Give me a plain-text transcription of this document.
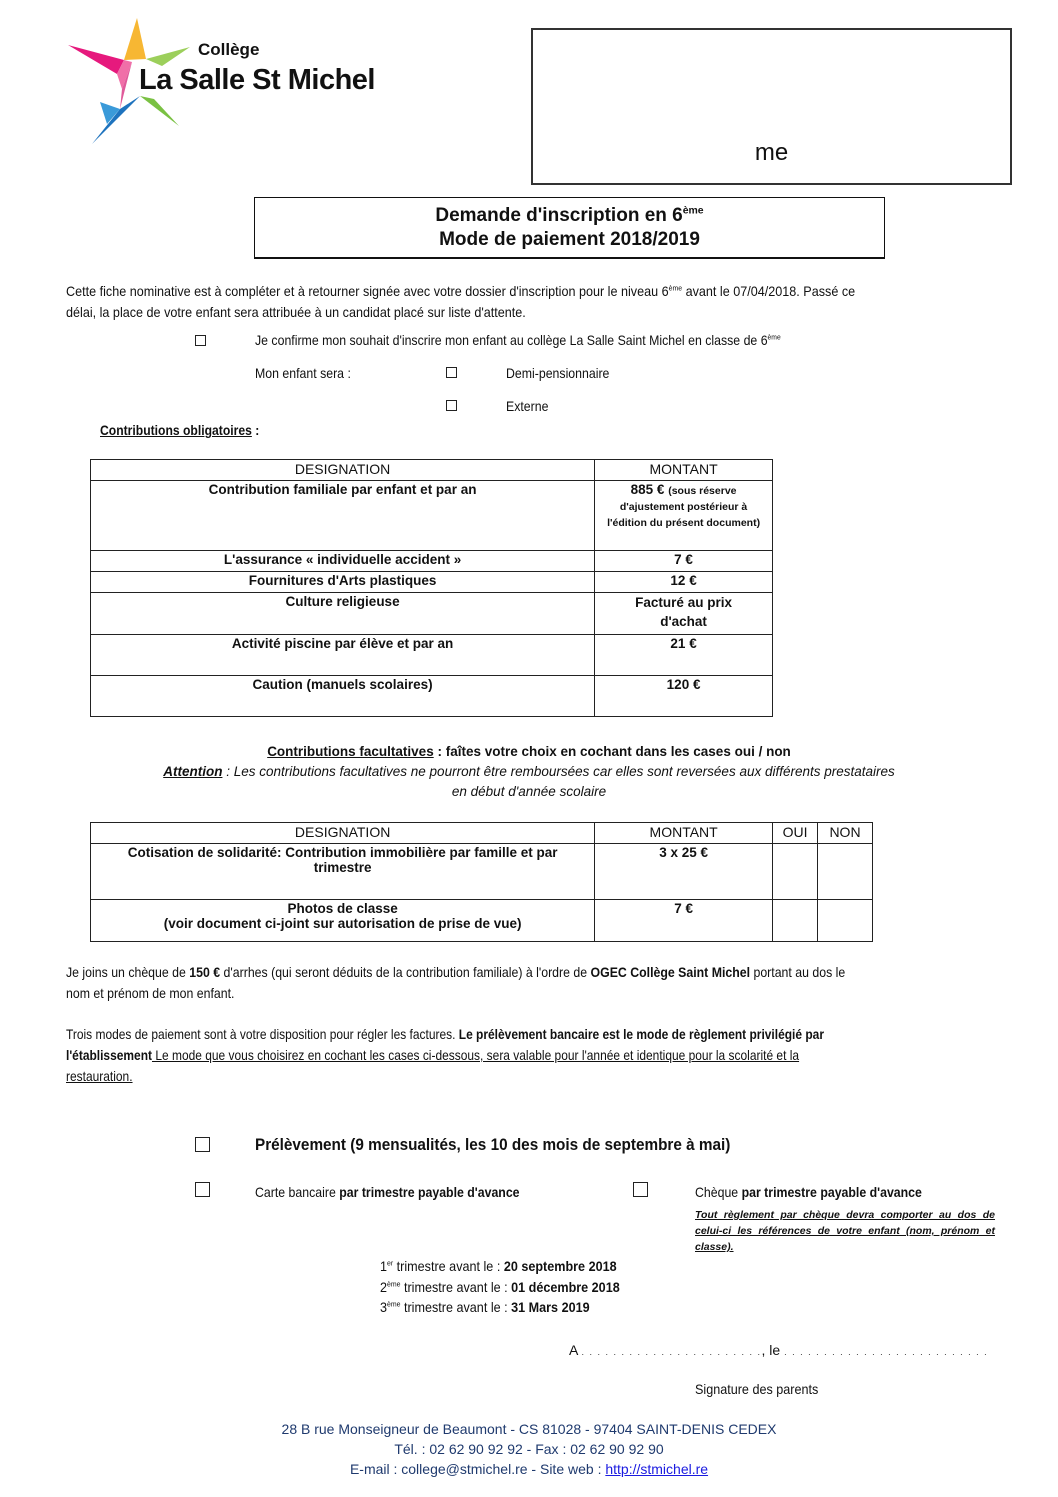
Collège
La Salle St Michel
me
Demande d'inscription en 6ème
Mode de paiement 2018/2019
Cette fiche nominative est à compléter et à retourner signée avec votre dossier d'inscription pour le niveau 6ème avant le 07/04/2018. Passé ce
délai, la place de votre enfant sera attribuée à un candidat placé sur liste d'attente.
Je confirme mon souhait d'inscrire mon enfant au collège La Salle Saint Michel en classe de 6ème
Mon enfant sera :	Demi-pensionnaire
Externe
Contributions obligatoires :
DESIGNATION	MONTANT
Contribution familiale par enfant et par an	885 € (sous réserve d'ajustement postérieur à l'édition du présent document)
L'assurance « individuelle accident »	7 €
Fournitures d'Arts plastiques	12 €
Culture religieuse	Facturé au prix d'achat
Activité piscine par élève et par an	21 €
Caution (manuels scolaires)	120 €
Contributions facultatives : faîtes votre choix en cochant dans les cases oui / non
Attention : Les contributions facultatives ne pourront être remboursées car elles sont reversées aux différents prestataires
en début d'année scolaire
DESIGNATION	MONTANT	OUI	NON
Cotisation de solidarité: Contribution immobilière par famille et par trimestre	3 x 25 €		

Photos de classe
(voir document ci-joint sur autorisation de prise de vue)	7 €		
Je joins un chèque de 150 € d'arrhes (qui seront déduits de la contribution familiale) à l'ordre de OGEC Collège Saint Michel portant au dos le
nom et prénom de mon enfant.
Trois modes de paiement sont à votre disposition pour régler les factures. Le prélèvement bancaire est le mode de règlement privilégié par
l'établissement Le mode que vous choisirez en cochant les cases ci-dessous, sera valable pour l'année et identique pour la scolarité et la
restauration.
Prélèvement (9 mensualités, les 10 des mois de septembre à mai)
Carte bancaire par trimestre payable d'avance	Chèque par trimestre payable d'avance
Tout règlement par chèque devra comporter au dos de celui-ci les références de votre enfant (nom, prénom et classe).
1er trimestre avant le : 20 septembre 2018
2ème trimestre avant le : 01 décembre 2018
3ème trimestre avant le : 31 Mars 2019
A . . . . . . . . . . . . . . . . . . . . . . ., le . . . . . . . . . . . . . . . . . . . . . . . . . .
Signature des parents
28 B rue Monseigneur de Beaumont - CS 81028 - 97404 SAINT-DENIS CEDEX
Tél. : 02 62 90 92 92 - Fax : 02 62 90 92 90
E-mail : college@stmichel.re - Site web : http://stmichel.re
